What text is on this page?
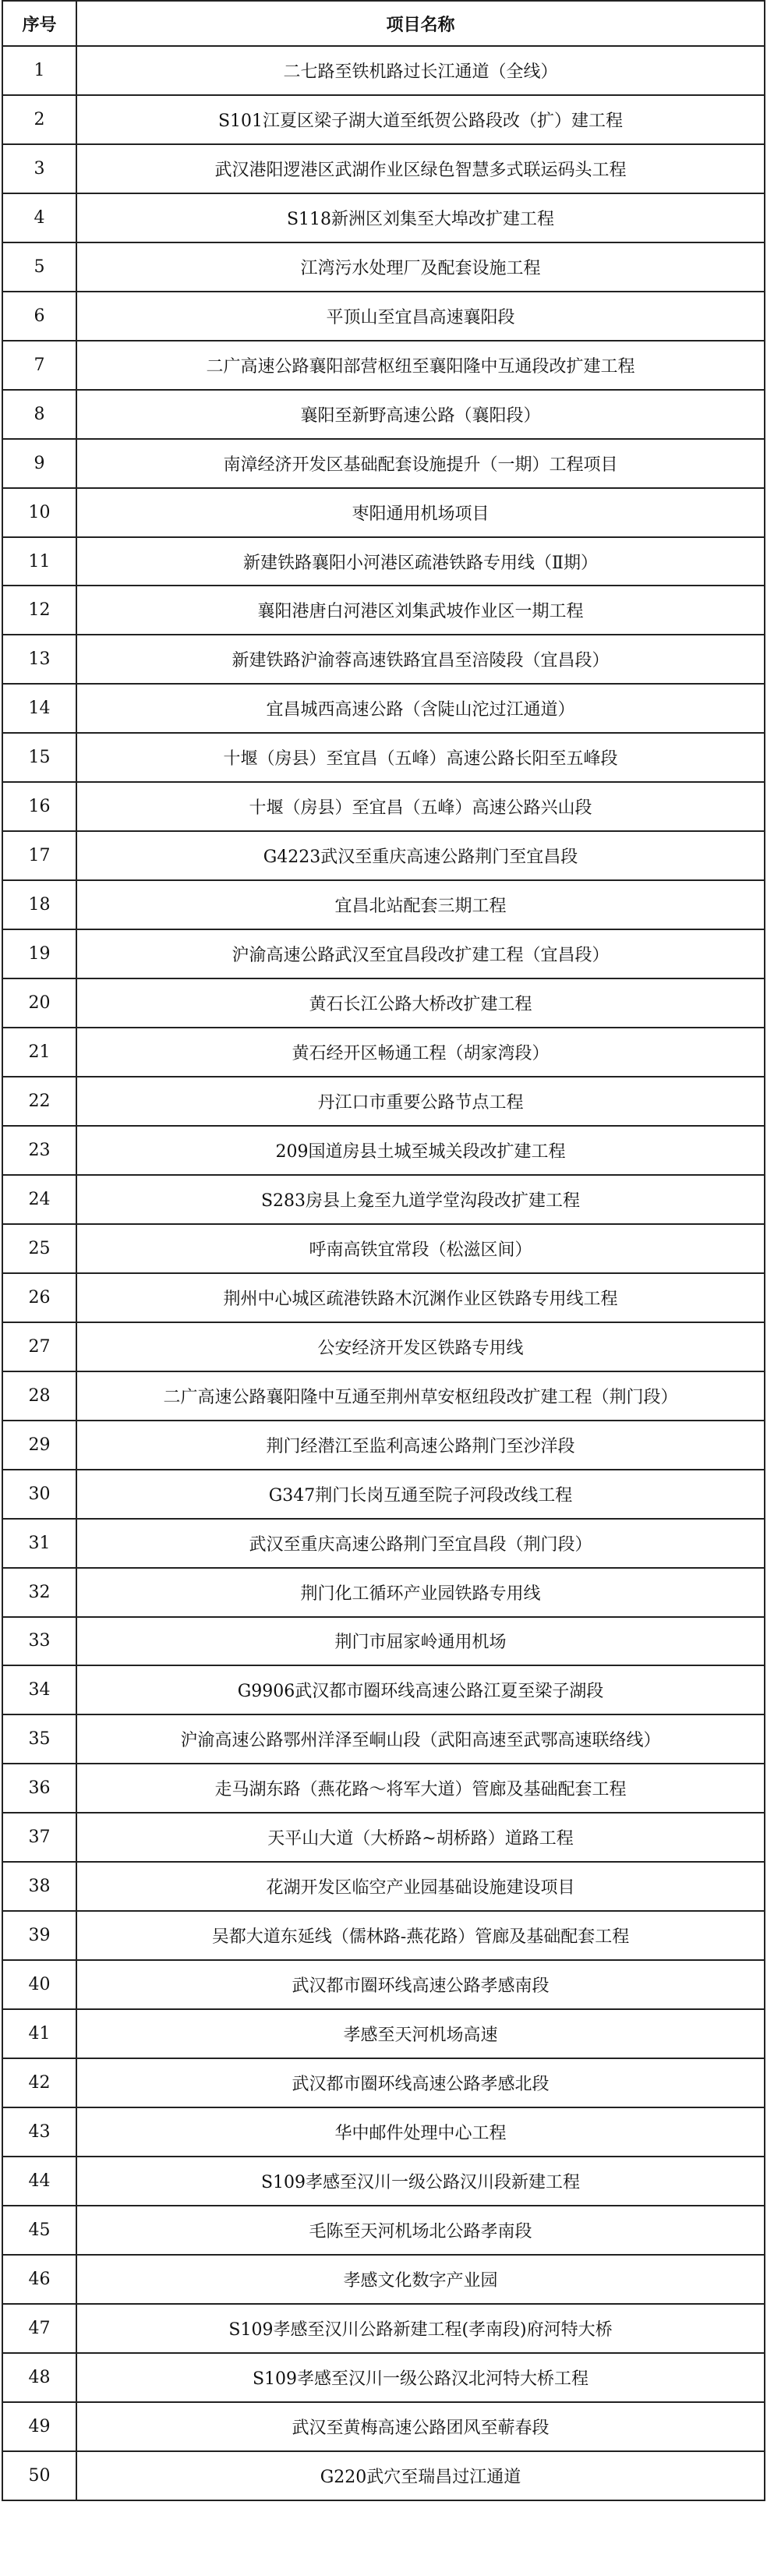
序号	项目名称
1	二七路至铁机路过长江通道（全线）
2	S101江夏区梁子湖大道至纸贺公路段改（扩）建工程
3	武汉港阳逻港区武湖作业区绿色智慧多式联运码头工程
4	S118新洲区刘集至大埠改扩建工程
5	江湾污水处理厂及配套设施工程
6	平顶山至宜昌高速襄阳段
7	二广高速公路襄阳部营枢纽至襄阳隆中互通段改扩建工程
8	襄阳至新野高速公路（襄阳段）
9	南漳经济开发区基础配套设施提升（一期）工程项目
10	枣阳通用机场项目
11	新建铁路襄阳小河港区疏港铁路专用线（Ⅱ期）
12	襄阳港唐白河港区刘集武坡作业区一期工程
13	新建铁路沪渝蓉高速铁路宜昌至涪陵段（宜昌段）
14	宜昌城西高速公路（含陡山沱过江通道）
15	十堰（房县）至宜昌（五峰）高速公路长阳至五峰段
16	十堰（房县）至宜昌（五峰）高速公路兴山段
17	G4223武汉至重庆高速公路荆门至宜昌段
18	宜昌北站配套三期工程
19	沪渝高速公路武汉至宜昌段改扩建工程（宜昌段）
20	黄石长江公路大桥改扩建工程
21	黄石经开区畅通工程（胡家湾段）
22	丹江口市重要公路节点工程
23	209国道房县土城至城关段改扩建工程
24	S283房县上龛至九道学堂沟段改扩建工程
25	呼南高铁宜常段（松滋区间）
26	荆州中心城区疏港铁路木沉渊作业区铁路专用线工程
27	公安经济开发区铁路专用线
28	二广高速公路襄阳隆中互通至荆州草安枢纽段改扩建工程（荆门段）
29	荆门经潜江至监利高速公路荆门至沙洋段
30	G347荆门长岗互通至院子河段改线工程
31	武汉至重庆高速公路荆门至宜昌段（荆门段）
32	荆门化工循环产业园铁路专用线
33	荆门市屈家岭通用机场
34	G9906武汉都市圈环线高速公路江夏至梁子湖段
35	沪渝高速公路鄂州洋泽至峒山段（武阳高速至武鄂高速联络线）
36	走马湖东路（燕花路～将军大道）管廊及基础配套工程
37	天平山大道（大桥路~胡桥路）道路工程
38	花湖开发区临空产业园基础设施建设项目
39	吴都大道东延线（儒林路-燕花路）管廊及基础配套工程
40	武汉都市圈环线高速公路孝感南段
41	孝感至天河机场高速
42	武汉都市圈环线高速公路孝感北段
43	华中邮件处理中心工程
44	S109孝感至汉川一级公路汉川段新建工程
45	毛陈至天河机场北公路孝南段
46	孝感文化数字产业园
47	S109孝感至汉川公路新建工程(孝南段)府河特大桥
48	S109孝感至汉川一级公路汉北河特大桥工程
49	武汉至黄梅高速公路团风至蕲春段
50	G220武穴至瑞昌过江通道
